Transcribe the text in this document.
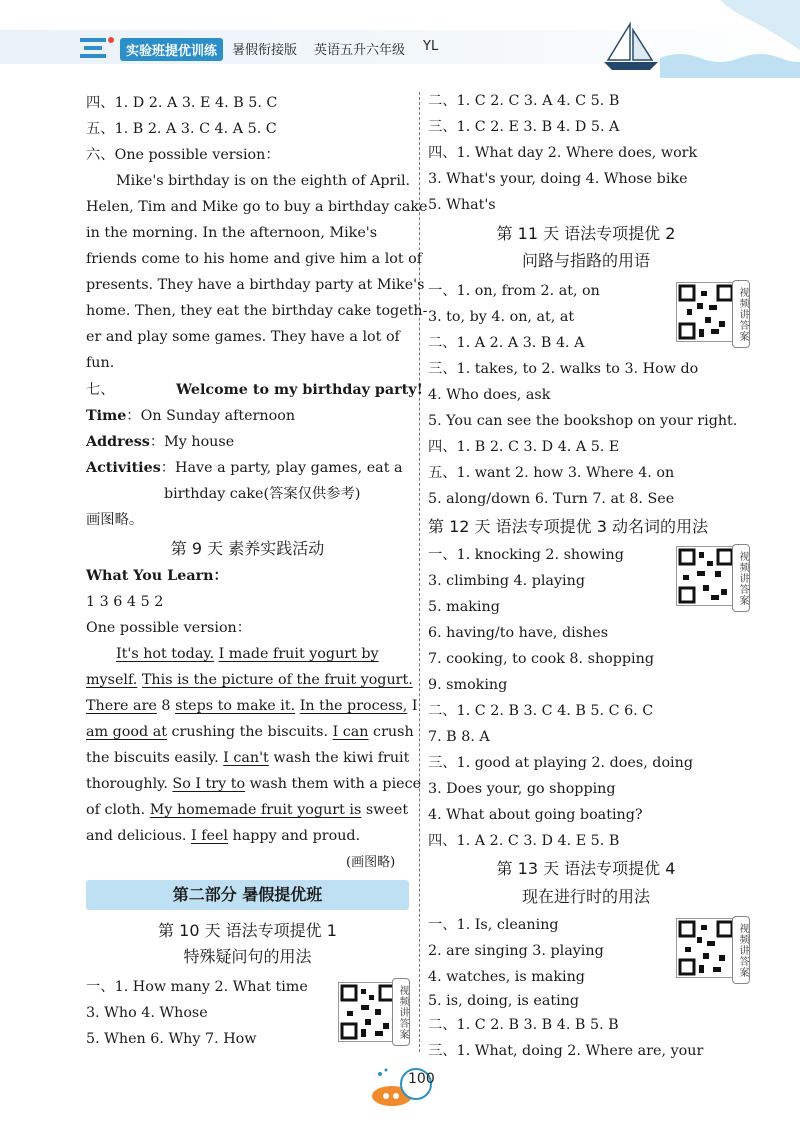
实验班提优训练	暑假衔接版 英语五升六年级 YL
四、1. D 2. A 3. E 4. B 5. C
五、1. B 2. A 3. C 4. A 5. C
六、One possible version：
Mike's birthday is on the eighth of April.
Helen, Tim and Mike go to buy a birthday cake
in the morning. In the afternoon, Mike's
friends come to his home and give him a lot of
presents. They have a birthday party at Mike's
home. Then, they eat the birthday cake togeth-
er and play some games. They have a lot of
fun.
七、	Welcome to my birthday party!
Time：On Sunday afternoon
Address：My house
Activities：Have a party, play games, eat a
birthday cake(答案仅供参考)
画图略。
第 9 天 素养实践活动
What You Learn：
1 3 6 4 5 2
One possible version：
It's hot today. I made fruit yogurt by
myself. This is the picture of the fruit yogurt.
There are 8 steps to make it. In the process, I
am good at crushing the biscuits. I can crush
the biscuits easily. I can't wash the kiwi fruit
thoroughly. So I try to wash them with a piece
of cloth. My homemade fruit yogurt is sweet
and delicious. I feel happy and proud.
(画图略)
第二部分 暑假提优班
第 10 天 语法专项提优 1
特殊疑问句的用法
一、1. How many 2. What time
3. Who 4. Whose
5. When 6. Why 7. How	视频讲答案
二、1. C 2. C 3. A 4. C 5. B
三、1. C 2. E 3. B 4. D 5. A
四、1. What day 2. Where does, work
3. What's your, doing 4. Whose bike
5. What's
第 11 天 语法专项提优 2
问路与指路的用语
一、1. on, from 2. at, on
3. to, by 4. on, at, at
二、1. A 2. A 3. B 4. A
三、1. takes, to 2. walks to 3. How do
4. Who does, ask
5. You can see the bookshop on your right.
四、1. B 2. C 3. D 4. A 5. E
五、1. want 2. how 3. Where 4. on
5. along/down 6. Turn 7. at 8. See
视频讲答案
第 12 天 语法专项提优 3 动名词的用法
一、1. knocking 2. showing
3. climbing 4. playing
5. making
6. having/to have, dishes
7. cooking, to cook 8. shopping
9. smoking
二、1. C 2. B 3. C 4. B 5. C 6. C
7. B 8. A
三、1. good at playing 2. does, doing
3. Does your, go shopping
4. What about going boating?
四、1. A 2. C 3. D 4. E 5. B
视频讲答案
第 13 天 语法专项提优 4
现在进行时的用法
一、1. Is, cleaning
2. are singing 3. playing
4. watches, is making
5. is, doing, is eating
二、1. C 2. B 3. B 4. B 5. B
三、1. What, doing 2. Where are, your
视频讲答案
100
